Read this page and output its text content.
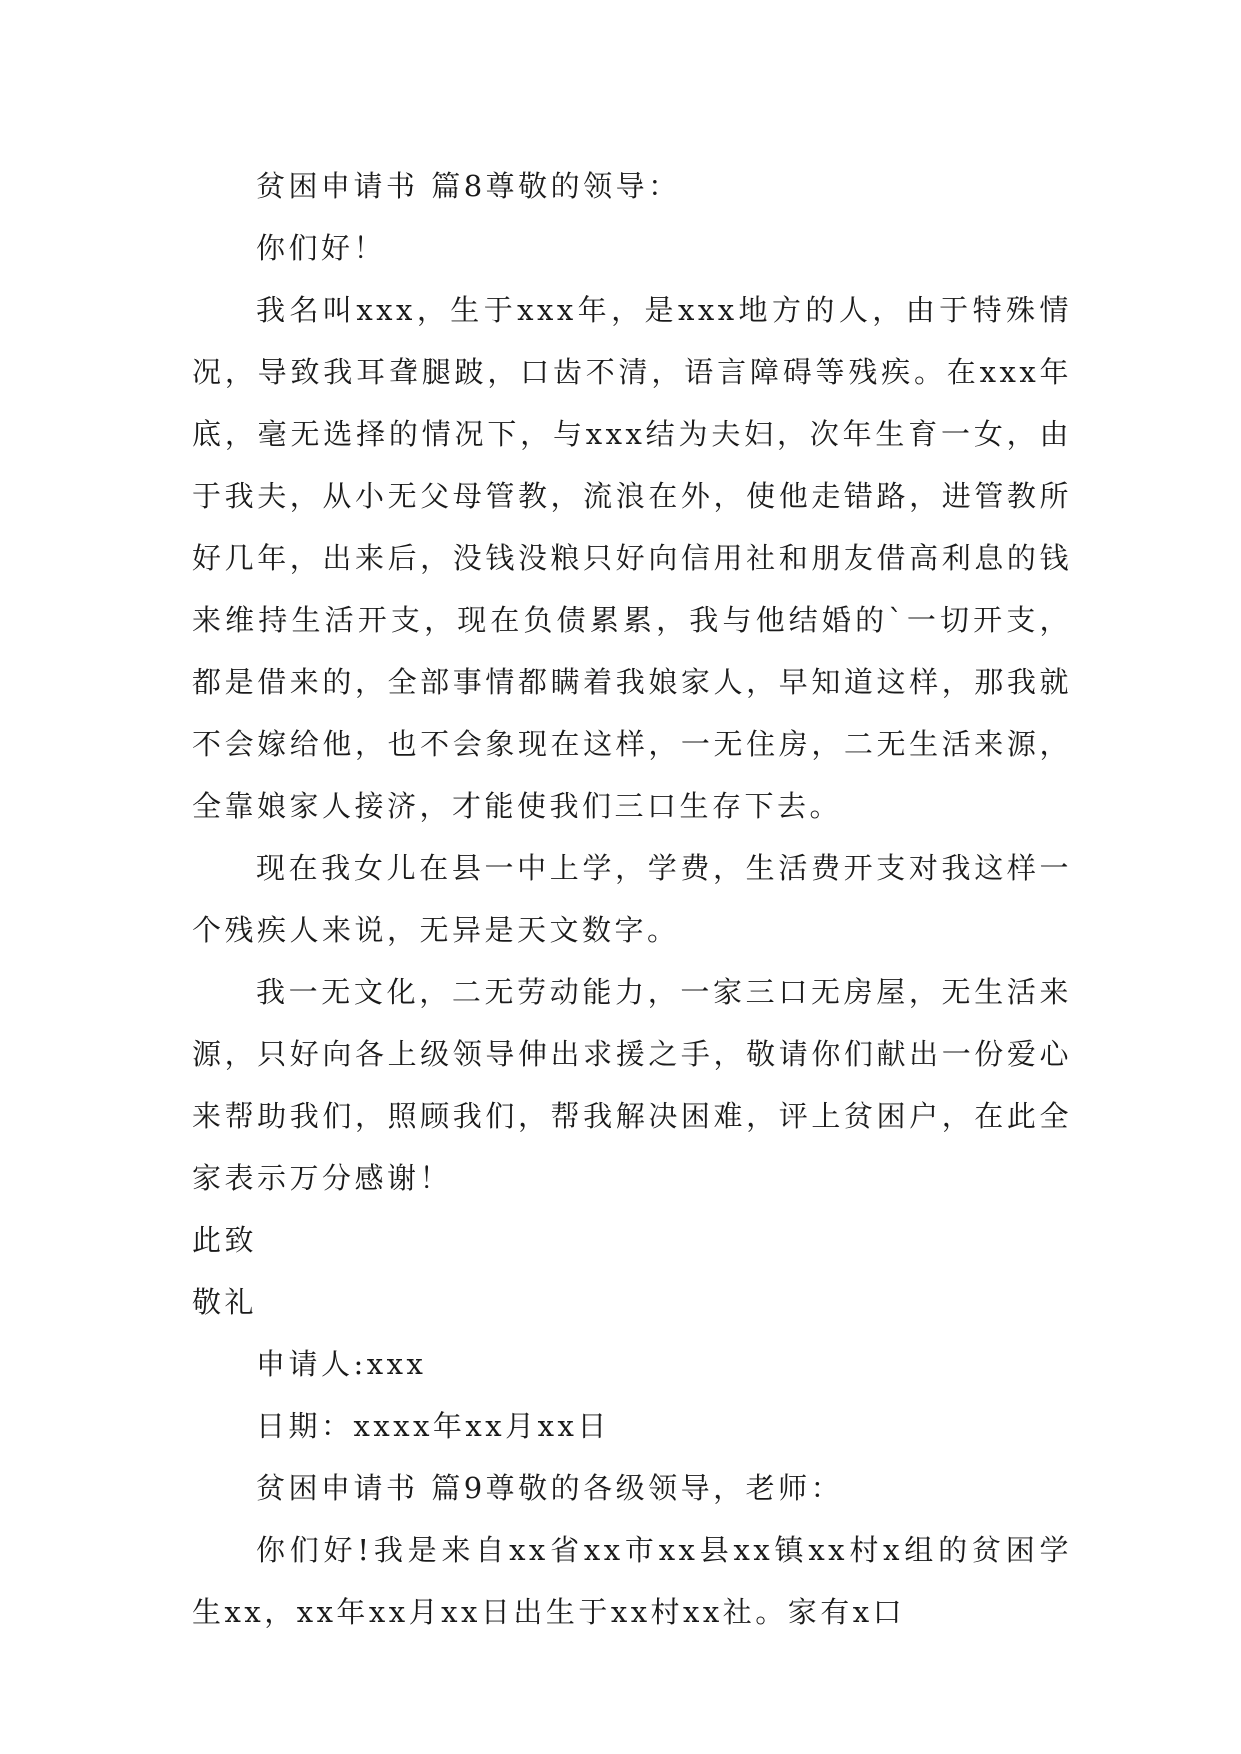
贫困申请书 篇8尊敬的领导：

你们好！

我名叫xxx，生于xxx年，是xxx地方的人，由于特殊情况，导致我耳聋腿跛，口齿不清，语言障碍等残疾。在xxx年底，毫无选择的情况下，与xxx结为夫妇，次年生育一女，由于我夫，从小无父母管教，流浪在外，使他走错路，进管教所好几年，出来后，没钱没粮只好向信用社和朋友借高利息的钱来维持生活开支，现在负债累累，我与他结婚的`一切开支，都是借来的，全部事情都瞒着我娘家人，早知道这样，那我就不会嫁给他，也不会象现在这样，一无住房，二无生活来源，全靠娘家人接济，才能使我们三口生存下去。

现在我女儿在县一中上学，学费，生活费开支对我这样一个残疾人来说，无异是天文数字。

我一无文化，二无劳动能力，一家三口无房屋，无生活来源，只好向各上级领导伸出求援之手，敬请你们献出一份爱心来帮助我们，照顾我们，帮我解决困难，评上贫困户，在此全家表示万分感谢！

此致

敬礼

申请人:xxx

日期：xxxx年xx月xx日

贫困申请书 篇9尊敬的各级领导，老师：

你们好!我是来自xx省xx市xx县xx镇xx村x组的贫困学生xx，xx年xx月xx日出生于xx村xx社。家有x口
